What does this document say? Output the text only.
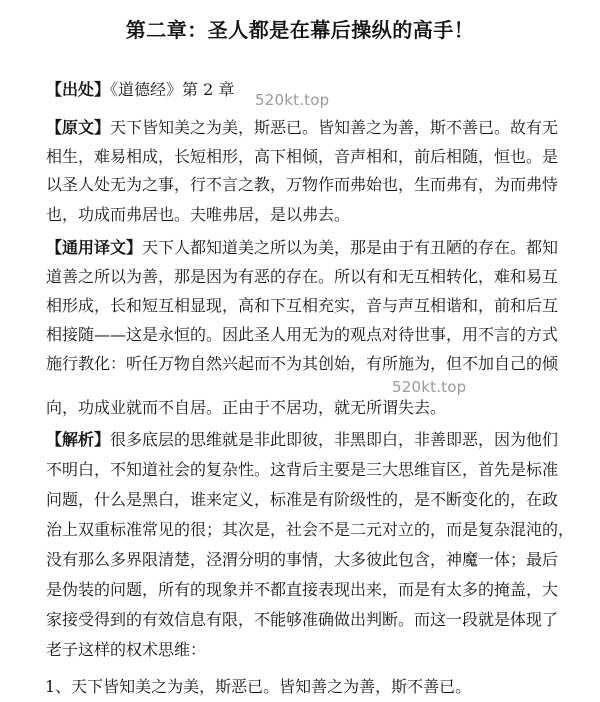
第二章：圣人都是在幕后操纵的高手！
【出处】《道德经》第 2 章
520kt.top
【原文】天下皆知美之为美，斯恶已。皆知善之为善，斯不善已。故有无
相生，难易相成，长短相形，高下相倾，音声相和，前后相随，恒也。是
以圣人处无为之事，行不言之教，万物作而弗始也，生而弗有，为而弗恃
也，功成而弗居也。夫唯弗居，是以弗去。
【通用译文】天下人都知道美之所以为美，那是由于有丑陋的存在。都知
道善之所以为善，那是因为有恶的存在。所以有和无互相转化，难和易互
相形成，长和短互相显现，高和下互相充实，音与声互相谐和，前和后互
相接随——这是永恒的。因此圣人用无为的观点对待世事，用不言的方式
施行教化：听任万物自然兴起而不为其创始，有所施为，但不加自己的倾
520kt.top
向，功成业就而不自居。正由于不居功，就无所谓失去。
【解析】很多底层的思维就是非此即彼，非黑即白，非善即恶，因为他们
不明白，不知道社会的复杂性。这背后主要是三大思维盲区，首先是标准
问题，什么是黑白，谁来定义，标准是有阶级性的，是不断变化的，在政
治上双重标准常见的很；其次是，社会不是二元对立的，而是复杂混沌的，
没有那么多界限清楚，泾渭分明的事情，大多彼此包含，神魔一体；最后
是伪装的问题，所有的现象并不都直接表现出来，而是有太多的掩盖，大
家接受得到的有效信息有限，不能够准确做出判断。而这一段就是体现了
老子这样的权术思维：
1、天下皆知美之为美，斯恶已。皆知善之为善，斯不善已。
